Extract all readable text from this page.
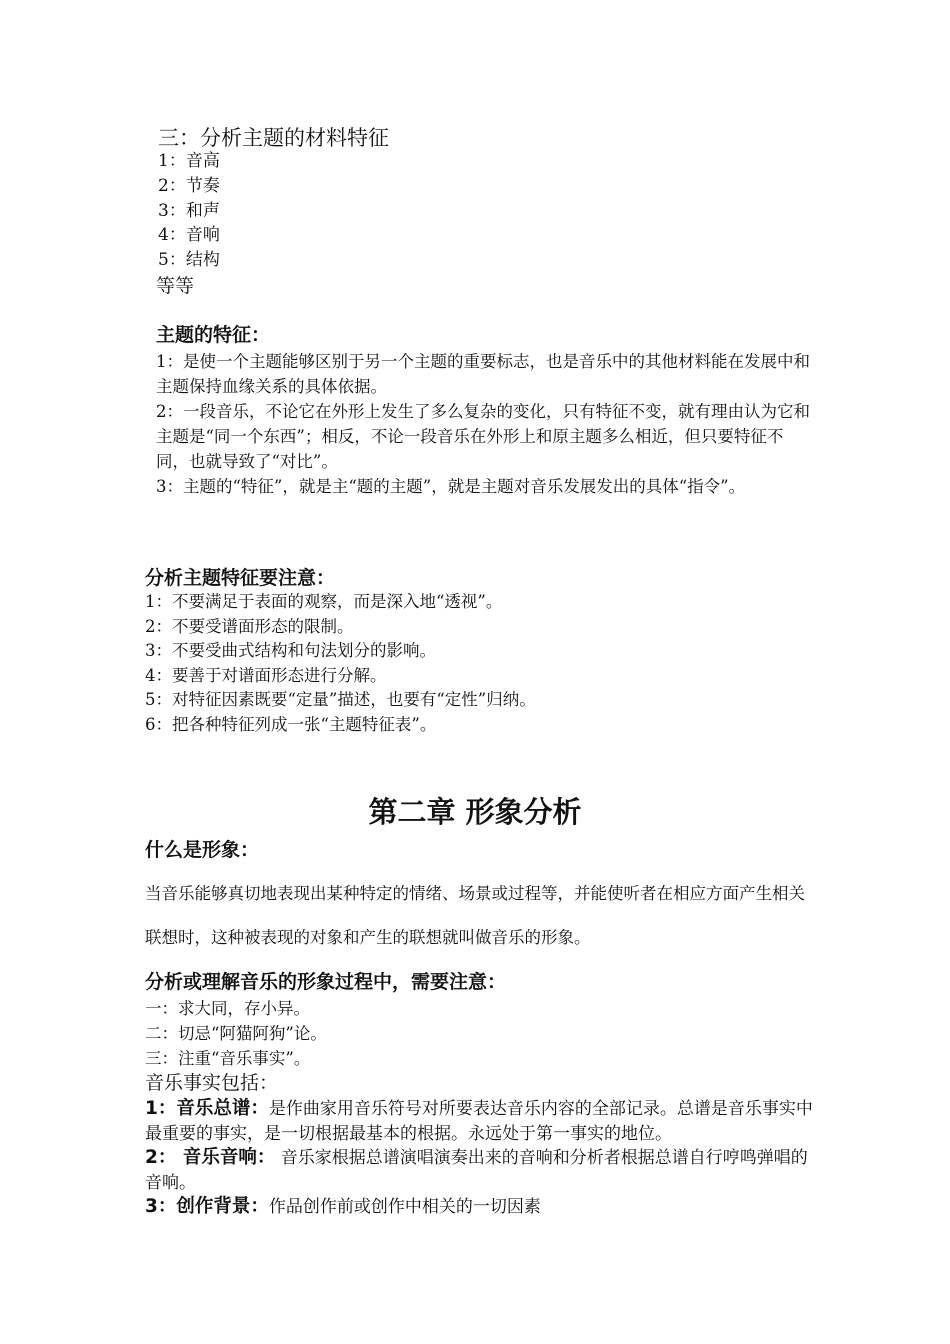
三：分析主题的材料特征
1：音高
2：节奏
3：和声
4：音响
5：结构
等等
主题的特征：

1：是使一个主题能够区别于另一个主题的重要标志，也是音乐中的其他材料能在发展中和主题保持血缘关系的具体依据。

2：一段音乐，不论它在外形上发生了多么复杂的变化，只有特征不变，就有理由认为它和主题是“同一个东西”；相反，不论一段音乐在外形上和原主题多么相近，但只要特征不同，也就导致了“对比”。

3：主题的“特征”，就是主“题的主题”，就是主题对音乐发展发出的具体“指令”。

分析主题特征要注意：
1：不要满足于表面的观察，而是深入地“透视”。
2：不要受谱面形态的限制。
3：不要受曲式结构和句法划分的影响。
4：要善于对谱面形态进行分解。
5：对特征因素既要“定量”描述，也要有“定性”归纳。
6：把各种特征列成一张“主题特征表”。
第二章 形象分析
什么是形象：
当音乐能够真切地表现出某种特定的情绪、场景或过程等，并能使听者在相应方面产生相关联想时，这种被表现的对象和产生的联想就叫做音乐的形象。
分析或理解音乐的形象过程中，需要注意：
一：求大同，存小异。
二：切忌“阿猫阿狗”论。
三：注重“音乐事实”。
音乐事实包括：

1：音乐总谱：是作曲家用音乐符号对所要表达音乐内容的全部记录。总谱是音乐事实中最重要的事实，是一切根据最基本的根据。永远处于第一事实的地位。

2： 音乐音响： 音乐家根据总谱演唱演奏出来的音响和分析者根据总谱自行哼鸣弹唱的音响。

3：创作背景：作品创作前或创作中相关的一切因素
